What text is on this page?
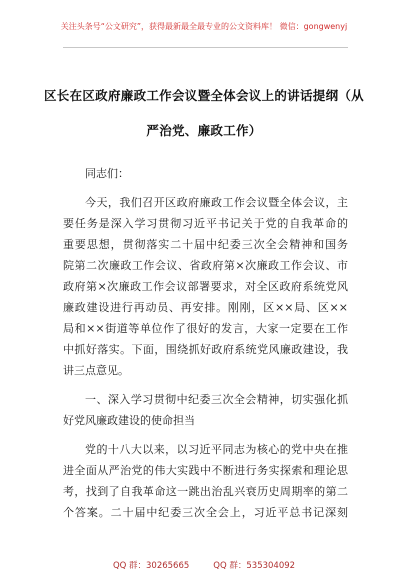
关注头条号“公文研究”，获得最新最全最专业的公文资料库！ 微信：gongwenyj
区长在区政府廉政工作会议暨全体会议上的讲话提纲（从
严治党、廉政工作）
同志们：
今天，我们召开区政府廉政工作会议暨全体会议，主
要任务是深入学习贯彻习近平书记关于党的自我革命的
重要思想，贯彻落实二十届中纪委三次全会精神和国务
院第二次廉政工作会议、省政府第×次廉政工作会议、市
政府第×次廉政工作会议部署要求，对全区政府系统党风
廉政建设进行再动员、再安排。刚刚，区××局、区××
局和××街道等单位作了很好的发言，大家一定要在工作
中抓好落实。下面，围绕抓好政府系统党风廉政建设，我
讲三点意见。
一、深入学习贯彻中纪委三次全会精神，切实强化抓
好党风廉政建设的使命担当
党的十八大以来，以习近平同志为核心的党中央在推
进全面从严治党的伟大实践中不断进行务实探索和理论思
考，找到了自我革命这一跳出治乱兴衰历史周期率的第二
个答案。二十届中纪委三次全会上，习近平总书记深刻
QQ 群：30265665	QQ 群：535304092
